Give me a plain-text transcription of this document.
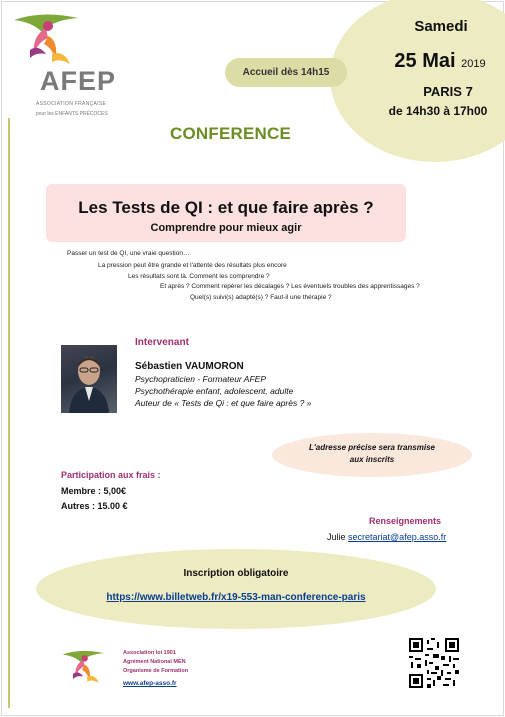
AFEP
ASSOCIATION FRANÇAISE
pour les ENFANTS PRÉCOCES
Samedi
25 Mai 2019
PARIS 7
de 14h30 à 17h00
Accueil dès 14h15
CONFERENCE
Les Tests de QI : et que faire après ?
Comprendre pour mieux agir
Passer un test de QI, une vraie question…
La pression peut être grande et l'attente des résultats plus encore
Les résultats sont là. Comment les comprendre ?
Et après ? Comment repérer les décalages ? Les éventuels troubles des apprentissages ?
Quel(s) suivi(s) adapté(s) ? Faut-il une thérapie ?
Intervenant
Sébastien VAUMORON
Psychopraticien - Formateur AFEP
Psychothérapie enfant, adolescent, adulte
Auteur de « Tests de Qi : et que faire après ? »
L'adresse précise sera transmise
aux inscrits
Participation aux frais :
Membre : 5,00€
Autres : 15.00 €
Renseignements
Julie secretariat@afep.asso.fr
Inscription obligatoire
https://www.billetweb.fr/x19-553-man-conference-paris
Association loi 1901
Agrément National MEN
Organisme de Formation
www.afep-asso.fr
